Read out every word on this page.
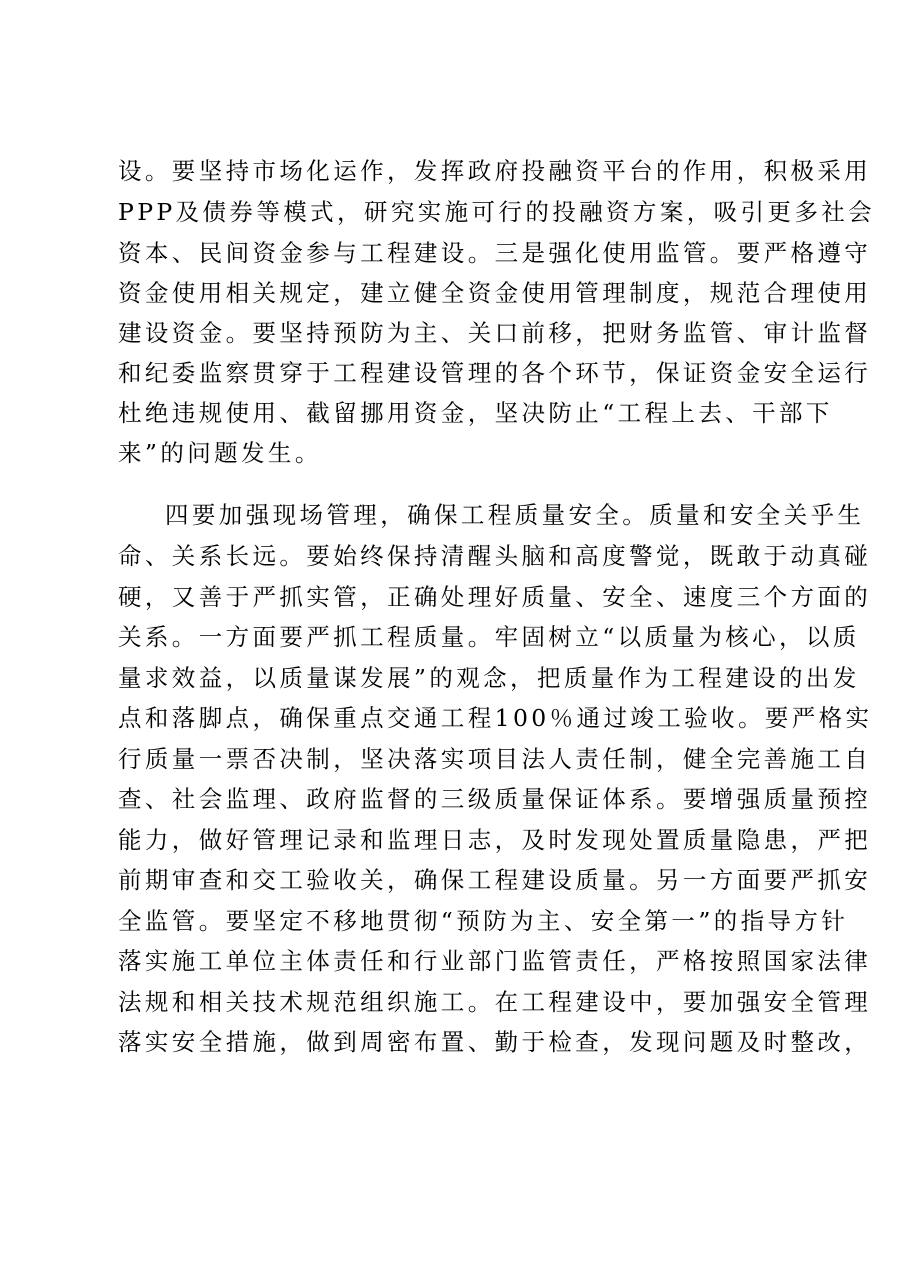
设。要坚持市场化运作，发挥政府投融资平台的作用，积极采用
PPP及债券等模式，研究实施可行的投融资方案，吸引更多社会
资本、民间资金参与工程建设。三是强化使用监管。要严格遵守
资金使用相关规定，建立健全资金使用管理制度，规范合理使用
建设资金。要坚持预防为主、关口前移，把财务监管、审计监督
和纪委监察贯穿于工程建设管理的各个环节，保证资金安全运行
杜绝违规使用、截留挪用资金，坚决防止“工程上去、干部下
来”的问题发生。
四要加强现场管理，确保工程质量安全。质量和安全关乎生
命、关系长远。要始终保持清醒头脑和高度警觉，既敢于动真碰
硬，又善于严抓实管，正确处理好质量、安全、速度三个方面的
关系。一方面要严抓工程质量。牢固树立“以质量为核心，以质
量求效益，以质量谋发展”的观念，把质量作为工程建设的出发
点和落脚点，确保重点交通工程100％通过竣工验收。要严格实
行质量一票否决制，坚决落实项目法人责任制，健全完善施工自
查、社会监理、政府监督的三级质量保证体系。要增强质量预控
能力，做好管理记录和监理日志，及时发现处置质量隐患，严把
前期审查和交工验收关，确保工程建设质量。另一方面要严抓安
全监管。要坚定不移地贯彻“预防为主、安全第一”的指导方针
落实施工单位主体责任和行业部门监管责任，严格按照国家法律
法规和相关技术规范组织施工。在工程建设中，要加强安全管理
落实安全措施，做到周密布置、勤于检查，发现问题及时整改，
